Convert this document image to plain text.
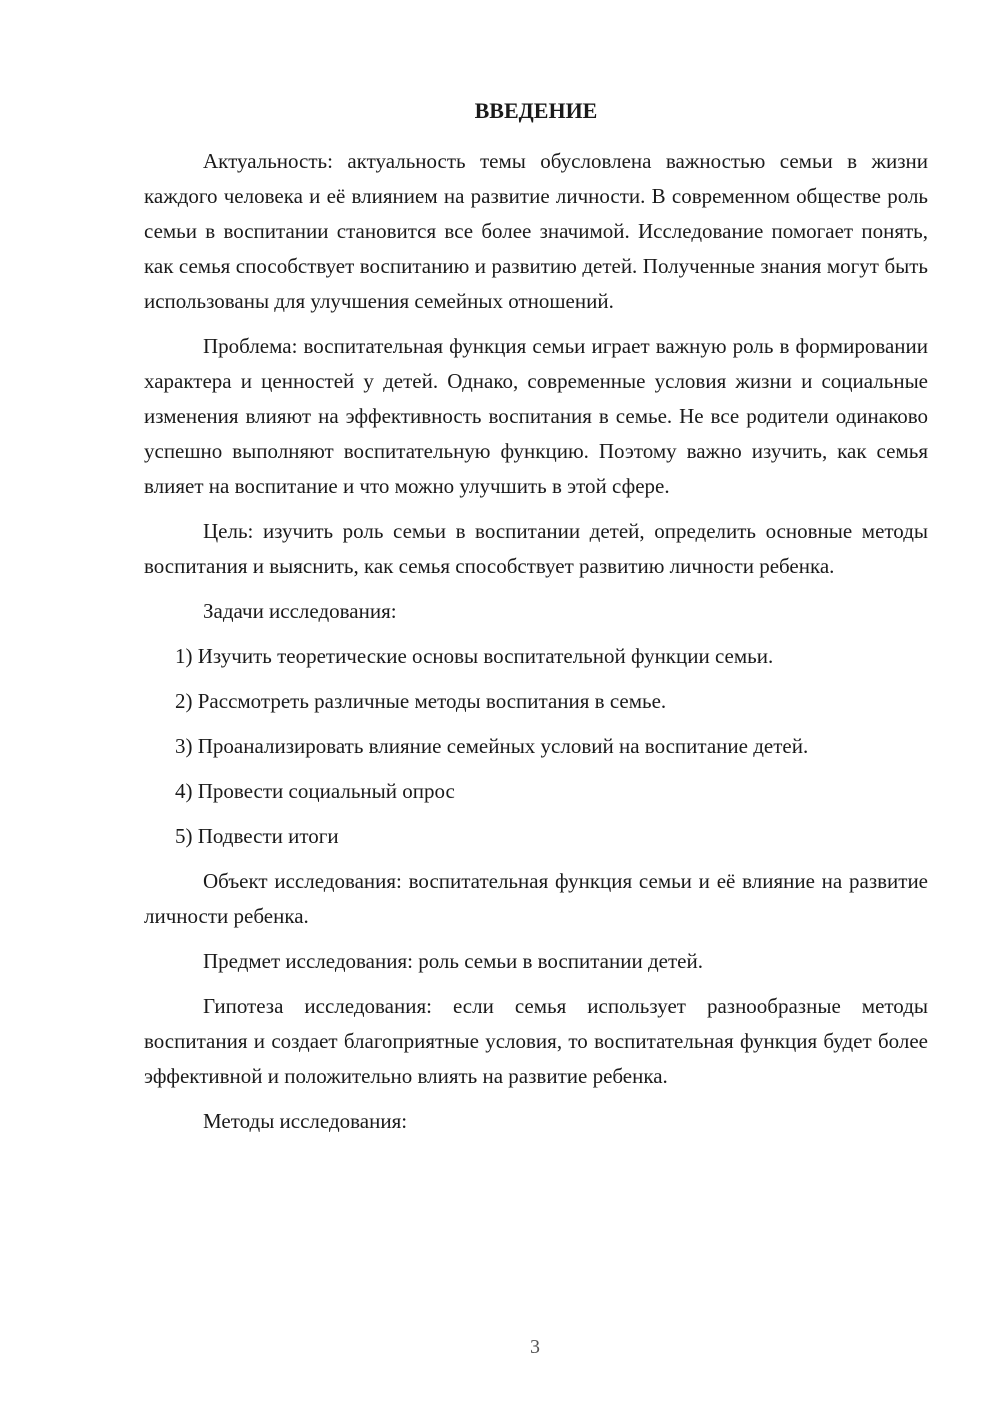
ВВЕДЕНИЕ

Актуальность: актуальность темы обусловлена важностью семьи в жизни каждого человека и её влиянием на развитие личности. В современном обществе роль семьи в воспитании становится все более значимой. Исследование помогает понять, как семья способствует воспитанию и развитию детей. Полученные знания могут быть использованы для улучшения семейных отношений.

Проблема: воспитательная функция семьи играет важную роль в формировании характера и ценностей у детей. Однако, современные условия жизни и социальные изменения влияют на эффективность воспитания в семье. Не все родители одинаково успешно выполняют воспитательную функцию. Поэтому важно изучить, как семья влияет на воспитание и что можно улучшить в этой сфере.

Цель: изучить роль семьи в воспитании детей, определить основные методы воспитания и выяснить, как семья способствует развитию личности ребенка.

Задачи исследования:

1) Изучить теоретические основы воспитательной функции семьи.

2) Рассмотреть различные методы воспитания в семье.

3) Проанализировать влияние семейных условий на воспитание детей.

4) Провести социальный опрос

5) Подвести итоги

Объект исследования: воспитательная функция семьи и её влияние на развитие личности ребенка.

Предмет исследования: роль семьи в воспитании детей.

Гипотеза исследования: если семья использует разнообразные методы воспитания и создает благоприятные условия, то воспитательная функция будет более эффективной и положительно влиять на развитие ребенка.

Методы исследования:

3
